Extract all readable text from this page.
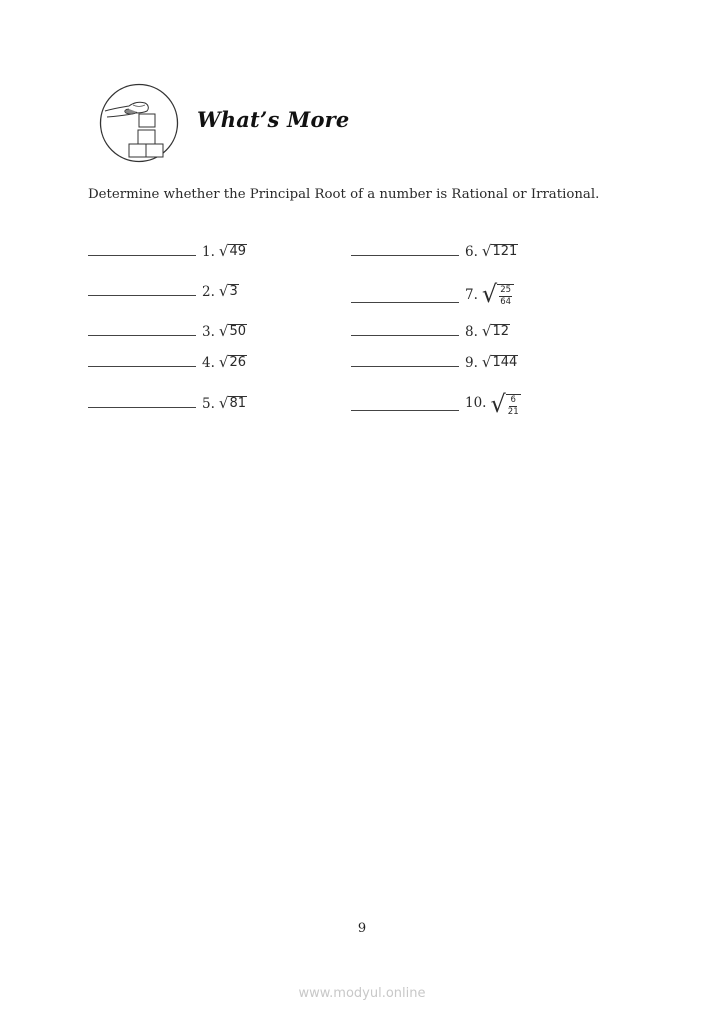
What’s More
Determine whether the Principal Root of a number is Rational or Irrational.
1. √ 49
2. √ 3
3. √ 50
4. √ 26
5. √ 81
6. √ 121
7. √ $\frac{25}{64}$
8. √ 12
9. √ 144
10. √ $\frac{6}{21}$
9
www.modyul.online
